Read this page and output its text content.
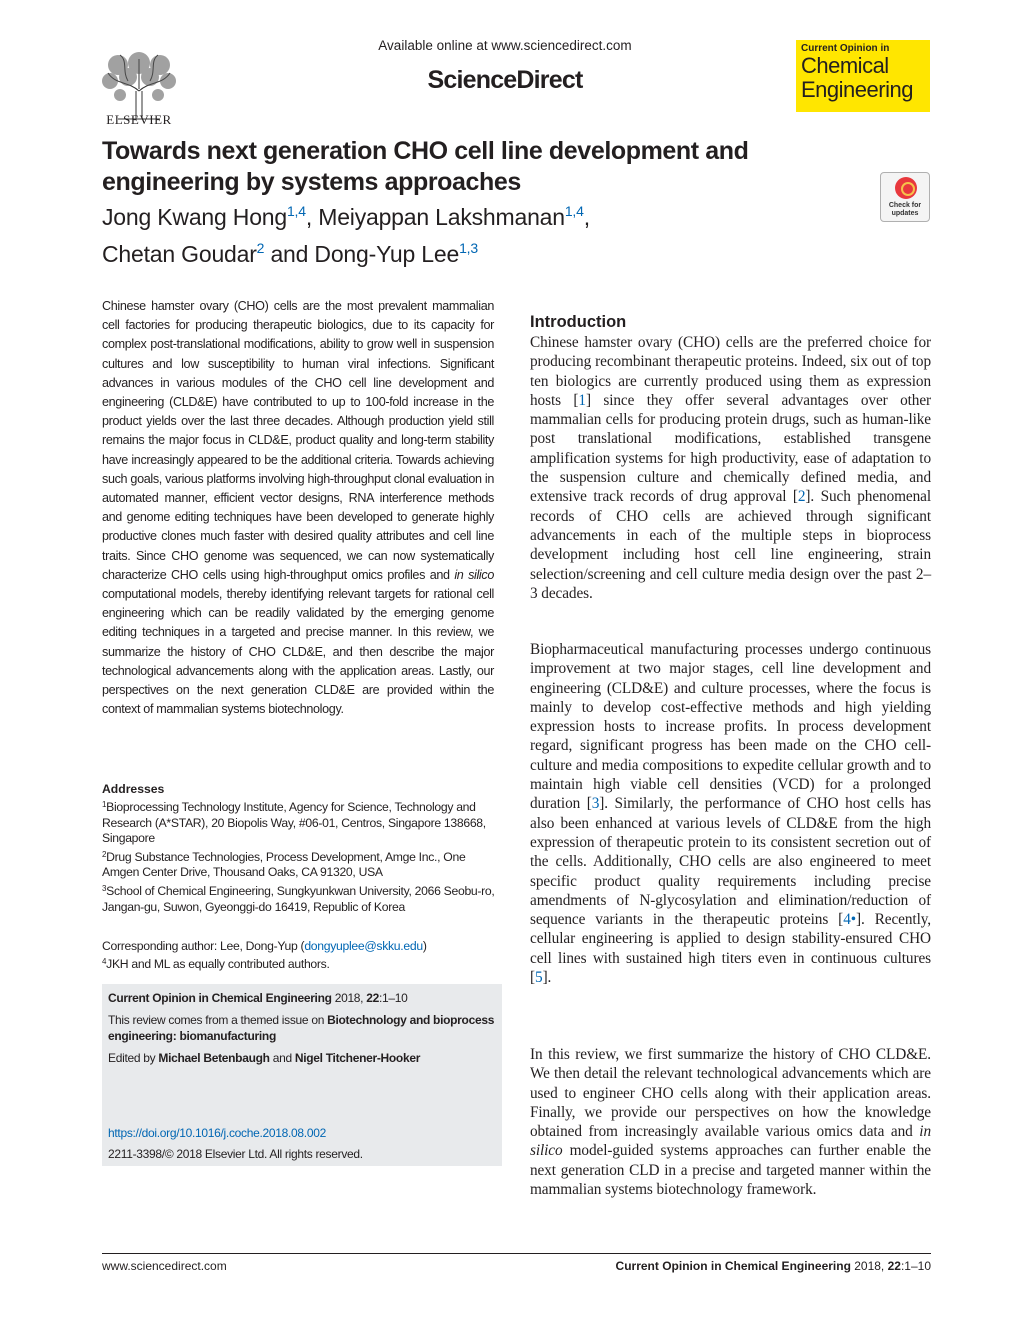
ELSEVIER
Available online at www.sciencedirect.com
ScienceDirect
Current Opinion in
Chemical
Engineering
Towards next generation CHO cell line development and engineering by systems approaches
Jong Kwang Hong$^{1,4}$, Meiyappan Lakshmanan$^{1,4}$,
Chetan Goudar$^2$ and Dong-Yup Lee$^{1,3}$
Check for updates
Chinese hamster ovary (CHO) cells are the most prevalent mammalian cell factories for producing therapeutic biologics, due to its capacity for complex post-translational modifications, ability to grow well in suspension cultures and low susceptibility to human viral infections. Significant advances in various modules of the CHO cell line development and engineering (CLD&E) have contributed to up to 100-fold increase in the product yields over the last three decades. Although production yield still remains the major focus in CLD&E, product quality and long-term stability have increasingly appeared to be the additional criteria. Towards achieving such goals, various platforms involving high-throughput clonal evaluation in automated manner, efficient vector designs, RNA interference methods and genome editing techniques have been developed to generate highly productive clones much faster with desired quality attributes and cell line traits. Since CHO genome was sequenced, we can now systematically characterize CHO cells using high-throughput omics profiles and in silico computational models, thereby identifying relevant targets for rational cell engineering which can be readily validated by the emerging genome editing techniques in a targeted and precise manner. In this review, we summarize the history of CHO CLD&E, and then describe the major technological advancements along with the application areas. Lastly, our perspectives on the next generation CLD&E are provided within the context of mammalian systems biotechnology.
Addresses
$^1$Bioprocessing Technology Institute, Agency for Science, Technology and Research (A*STAR), 20 Biopolis Way, #06-01, Centros, Singapore 138668, Singapore
$^2$Drug Substance Technologies, Process Development, Amge Inc., One Amgen Center Drive, Thousand Oaks, CA 91320, USA
$^3$School of Chemical Engineering, Sungkyunkwan University, 2066 Seobu-ro, Jangan-gu, Suwon, Gyeonggi-do 16419, Republic of Korea
Corresponding author: Lee, Dong-Yup (dongyuplee@skku.edu)
$^4$JKH and ML as equally contributed authors.
Current Opinion in Chemical Engineering 2018, 22:1–10
This review comes from a themed issue on Biotechnology and bioprocess engineering: biomanufacturing
Edited by Michael Betenbaugh and Nigel Titchener-Hooker
https://doi.org/10.1016/j.coche.2018.08.002
2211-3398/© 2018 Elsevier Ltd. All rights reserved.
Introduction

Chinese hamster ovary (CHO) cells are the preferred choice for producing recombinant therapeutic proteins. Indeed, six out of top ten biologics are currently produced using them as expression hosts [1] since they offer several advantages over other mammalian cells for producing protein drugs, such as human-like post translational modifications, established transgene amplification systems for high productivity, ease of adaptation to the suspension culture and chemically defined media, and extensive track records of drug approval [2]. Such phenomenal records of CHO cells are achieved through significant advancements in each of the multiple steps in bioprocess development including host cell line engineering, strain selection/screening and cell culture media design over the past 2–3 decades.

Biopharmaceutical manufacturing processes undergo continuous improvement at two major stages, cell line development and engineering (CLD&E) and culture processes, where the focus is mainly to develop cost-effective methods and high yielding expression hosts to increase profits. In process development regard, significant progress has been made on the CHO cell-culture and media compositions to expedite cellular growth and to maintain high viable cell densities (VCD) for a prolonged duration [3]. Similarly, the performance of CHO host cells has also been enhanced at various levels of CLD&E from the high expression of therapeutic protein to its consistent secretion out of the cells. Additionally, CHO cells are also engineered to meet specific product quality requirements including precise amendments of N-glycosylation and elimination/reduction of sequence variants in the therapeutic proteins [4•]. Recently, cellular engineering is applied to design stability-ensured CHO cell lines with sustained high titers even in continuous cultures [5].

In this review, we first summarize the history of CHO CLD&E. We then detail the relevant technological advancements which are used to engineer CHO cells along with their application areas. Finally, we provide our perspectives on how the knowledge obtained from increasingly available various omics data and in silico model-guided systems approaches can further enable the next generation CLD in a precise and targeted manner within the mammalian systems biotechnology framework.

www.sciencedirect.com	Current Opinion in Chemical Engineering 2018, 22:1–10
